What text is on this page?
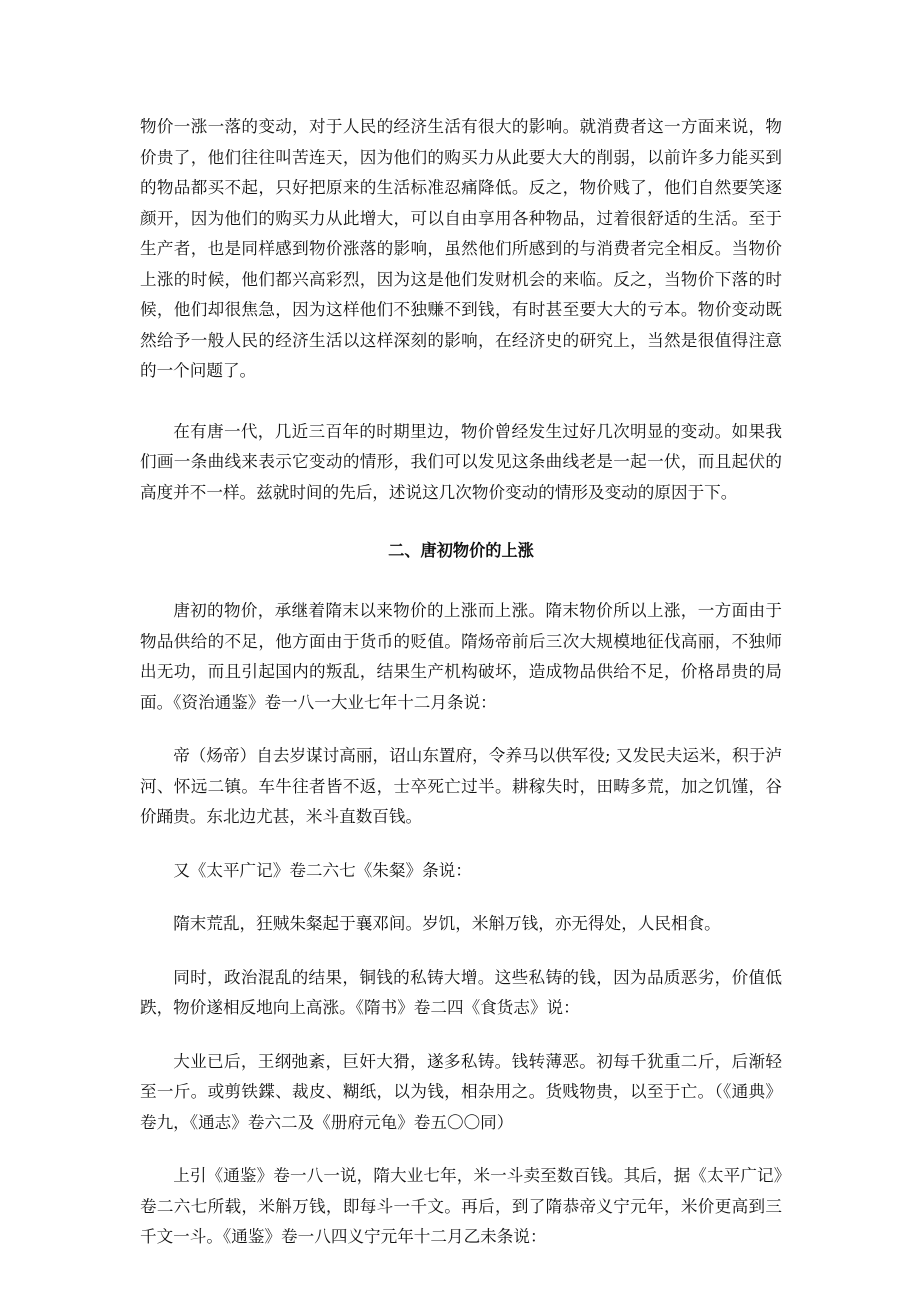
物价一涨一落的变动，对于人民的经济生活有很大的影响。就消费者这一方面来说，物价贵了，他们往往叫苦连天，因为他们的购买力从此要大大的削弱，以前许多力能买到的物品都买不起，只好把原来的生活标准忍痛降低。反之，物价贱了，他们自然要笑逐颜开，因为他们的购买力从此增大，可以自由享用各种物品，过着很舒适的生活。至于生产者，也是同样感到物价涨落的影响，虽然他们所感到的与消费者完全相反。当物价上涨的时候，他们都兴高彩烈，因为这是他们发财机会的来临。反之，当物价下落的时候，他们却很焦急，因为这样他们不独赚不到钱，有时甚至要大大的亏本。物价变动既然给予一般人民的经济生活以这样深刻的影响，在经济史的研究上，当然是很值得注意的一个问题了。

在有唐一代，几近三百年的时期里边，物价曾经发生过好几次明显的变动。如果我们画一条曲线来表示它变动的情形，我们可以发见这条曲线老是一起一伏，而且起伏的高度并不一样。兹就时间的先后，述说这几次物价变动的情形及变动的原因于下。

二、唐初物价的上涨

唐初的物价，承继着隋末以来物价的上涨而上涨。隋末物价所以上涨，一方面由于物品供给的不足，他方面由于货币的贬值。隋炀帝前后三次大规模地征伐高丽，不独师出无功，而且引起国内的叛乱，结果生产机构破坏，造成物品供给不足，价格昂贵的局面。《资治通鉴》卷一八一大业七年十二月条说：

帝（炀帝）自去岁谋讨高丽，诏山东置府，令养马以供军役; 又发民夫运米，积于泸河、怀远二镇。车牛往者皆不返，士卒死亡过半。耕稼失时，田畴多荒，加之饥馑，谷价踊贵。东北边尤甚，米斗直数百钱。

又《太平广记》卷二六七《朱粲》条说：

隋末荒乱，狂贼朱粲起于襄邓间。岁饥，米斛万钱，亦无得处，人民相食。

同时，政治混乱的结果，铜钱的私铸大增。这些私铸的钱，因为品质恶劣，价值低跌，物价遂相反地向上高涨。《隋书》卷二四《食货志》说：

大业已后，王纲弛紊，巨奸大猾，遂多私铸。钱转薄恶。初每千犹重二斤，后渐轻至一斤。或剪铁鍱、裁皮、糊纸，以为钱，相杂用之。货贱物贵，以至于亡。（《通典》卷九，《通志》卷六二及《册府元龟》卷五〇〇同）

上引《通鉴》卷一八一说，隋大业七年，米一斗卖至数百钱。其后，据《太平广记》卷二六七所载，米斛万钱，即每斗一千文。再后，到了隋恭帝义宁元年，米价更高到三千文一斗。《通鉴》卷一八四义宁元年十二月乙未条说：
